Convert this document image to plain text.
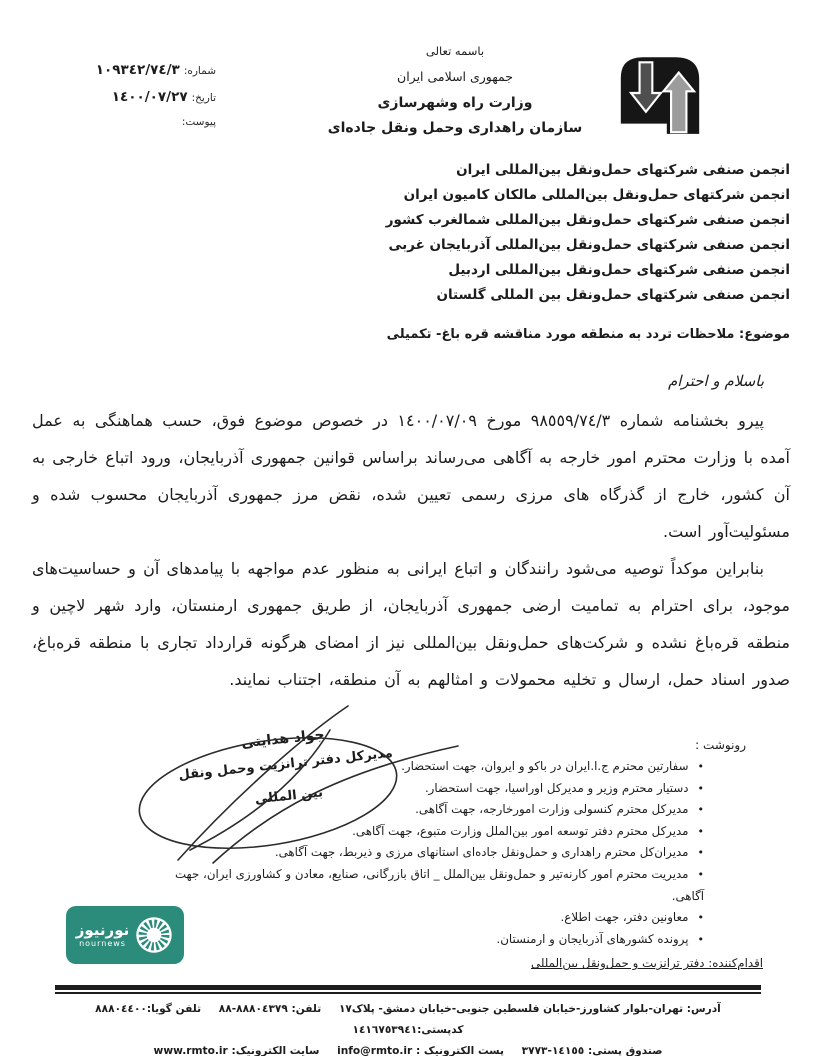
شماره:
١٠٩٣٤٢/٧٤/٣
تاریخ:
١٤٠٠/٠٧/٢٧
پیوست:
باسمه تعالی
جمهوری اسلامی ایران
وزارت راه وشهرسازی
سازمان راهداری وحمل ونقل جاده‌ای
انجمن صنفی شرکتهای حمل‌ونقل بین‌المللی ایران
انجمن شرکتهای حمل‌ونقل بین‌المللی مالکان کامیون ایران
انجمن صنفی شرکتهای حمل‌ونقل بین‌المللی شمالغرب کشور
انجمن صنفی شرکتهای حمل‌ونقل بین‌المللی آذربایجان غربی
انجمن صنفی شرکتهای حمل‌ونقل بین‌المللی اردبیل
انجمن صنفی شرکتهای حمل‌ونقل بین المللی گلستان
موضوع: ملاحظات تردد به منطقه مورد مناقشه قره باغ- تکمیلی
باسلام و احترام

پیرو بخشنامه شماره ٩٨٥٥٩/٧٤/٣ مورخ ١٤٠٠/٠٧/٠٩ در خصوص موضوع فوق، حسب هماهنگی به عمل آمده با وزارت محترم امور خارجه به آگاهی می‌رساند براساس قوانین جمهوری آذربایجان، ورود اتباع خارجی به آن کشور، خارج از گذرگاه های مرزی رسمی تعیین شده، نقض مرز جمهوری آذربایجان محسوب شده و مسئولیت‌آور است.

بنابراین موکداً توصیه می‌شود رانندگان و اتباع ایرانی به منظور عدم مواجهه با پیامدهای آن و حساسیت‌های موجود، برای احترام به تمامیت ارضی جمهوری آذربایجان، از طریق جمهوری ارمنستان، وارد شهر لاچین و منطقه قره‌باغ نشده و شرکت‌های حمل‌ونقل بین‌المللی نیز از امضای هرگونه قرارداد تجاری با منطقه قره‌باغ، صدور اسناد حمل، ارسال و تخلیه محمولات و امثالهم به آن منطقه، اجتناب نمایند.

جواد هدایتی
مدیرکل دفتر ترانزیت وحمل ونقل
بین المللی
رونوشت :
•سفارتین محترم ج.ا.ایران در باکو و ایروان، جهت استحضار.
•دستیار محترم وزیر و مدیرکل اوراسیا، جهت استحضار.
•مدیرکل محترم کنسولی وزارت امورخارجه، جهت آگاهی.
•مدیرکل محترم دفتر توسعه امور بین‌الملل وزارت متبوع، جهت آگاهی.
•مدیران‌کل محترم راهداری و حمل‌ونقل جاده‌ای استانهای مرزی و ذیربط، جهت آگاهی.
•مدیریت محترم امور کارنه‌تیر و حمل‌ونقل بین‌الملل _ اتاق بازرگانی، صنایع، معادن و کشاورزی ایران، جهت آگاهی.
•معاونین دفتر، جهت اطلاع.
•پرونده کشورهای آذربایجان و ارمنستان.
اقدام‌کننده: دفتر ترانزیت و حمل‌ونقل بین‌المللی
نورنیوز
nournews
آدرس: تهران-بلوار کشاورز-خیابان فلسطین جنوبی-خیابان دمشق- پلاک١٧ تلفن: ٨٨٨٠٤٣٧٩-٨٨ تلفن گویا:٨٨٨٠٤٤٠٠ کدپستی:١٤١٦٧٥٣٩٤١
صندوق پستی: ١٤١٥٥-٣٧٧٣ پست الکترونیک : info@rmto.ir سایت الکترونیک: www.rmto.ir
